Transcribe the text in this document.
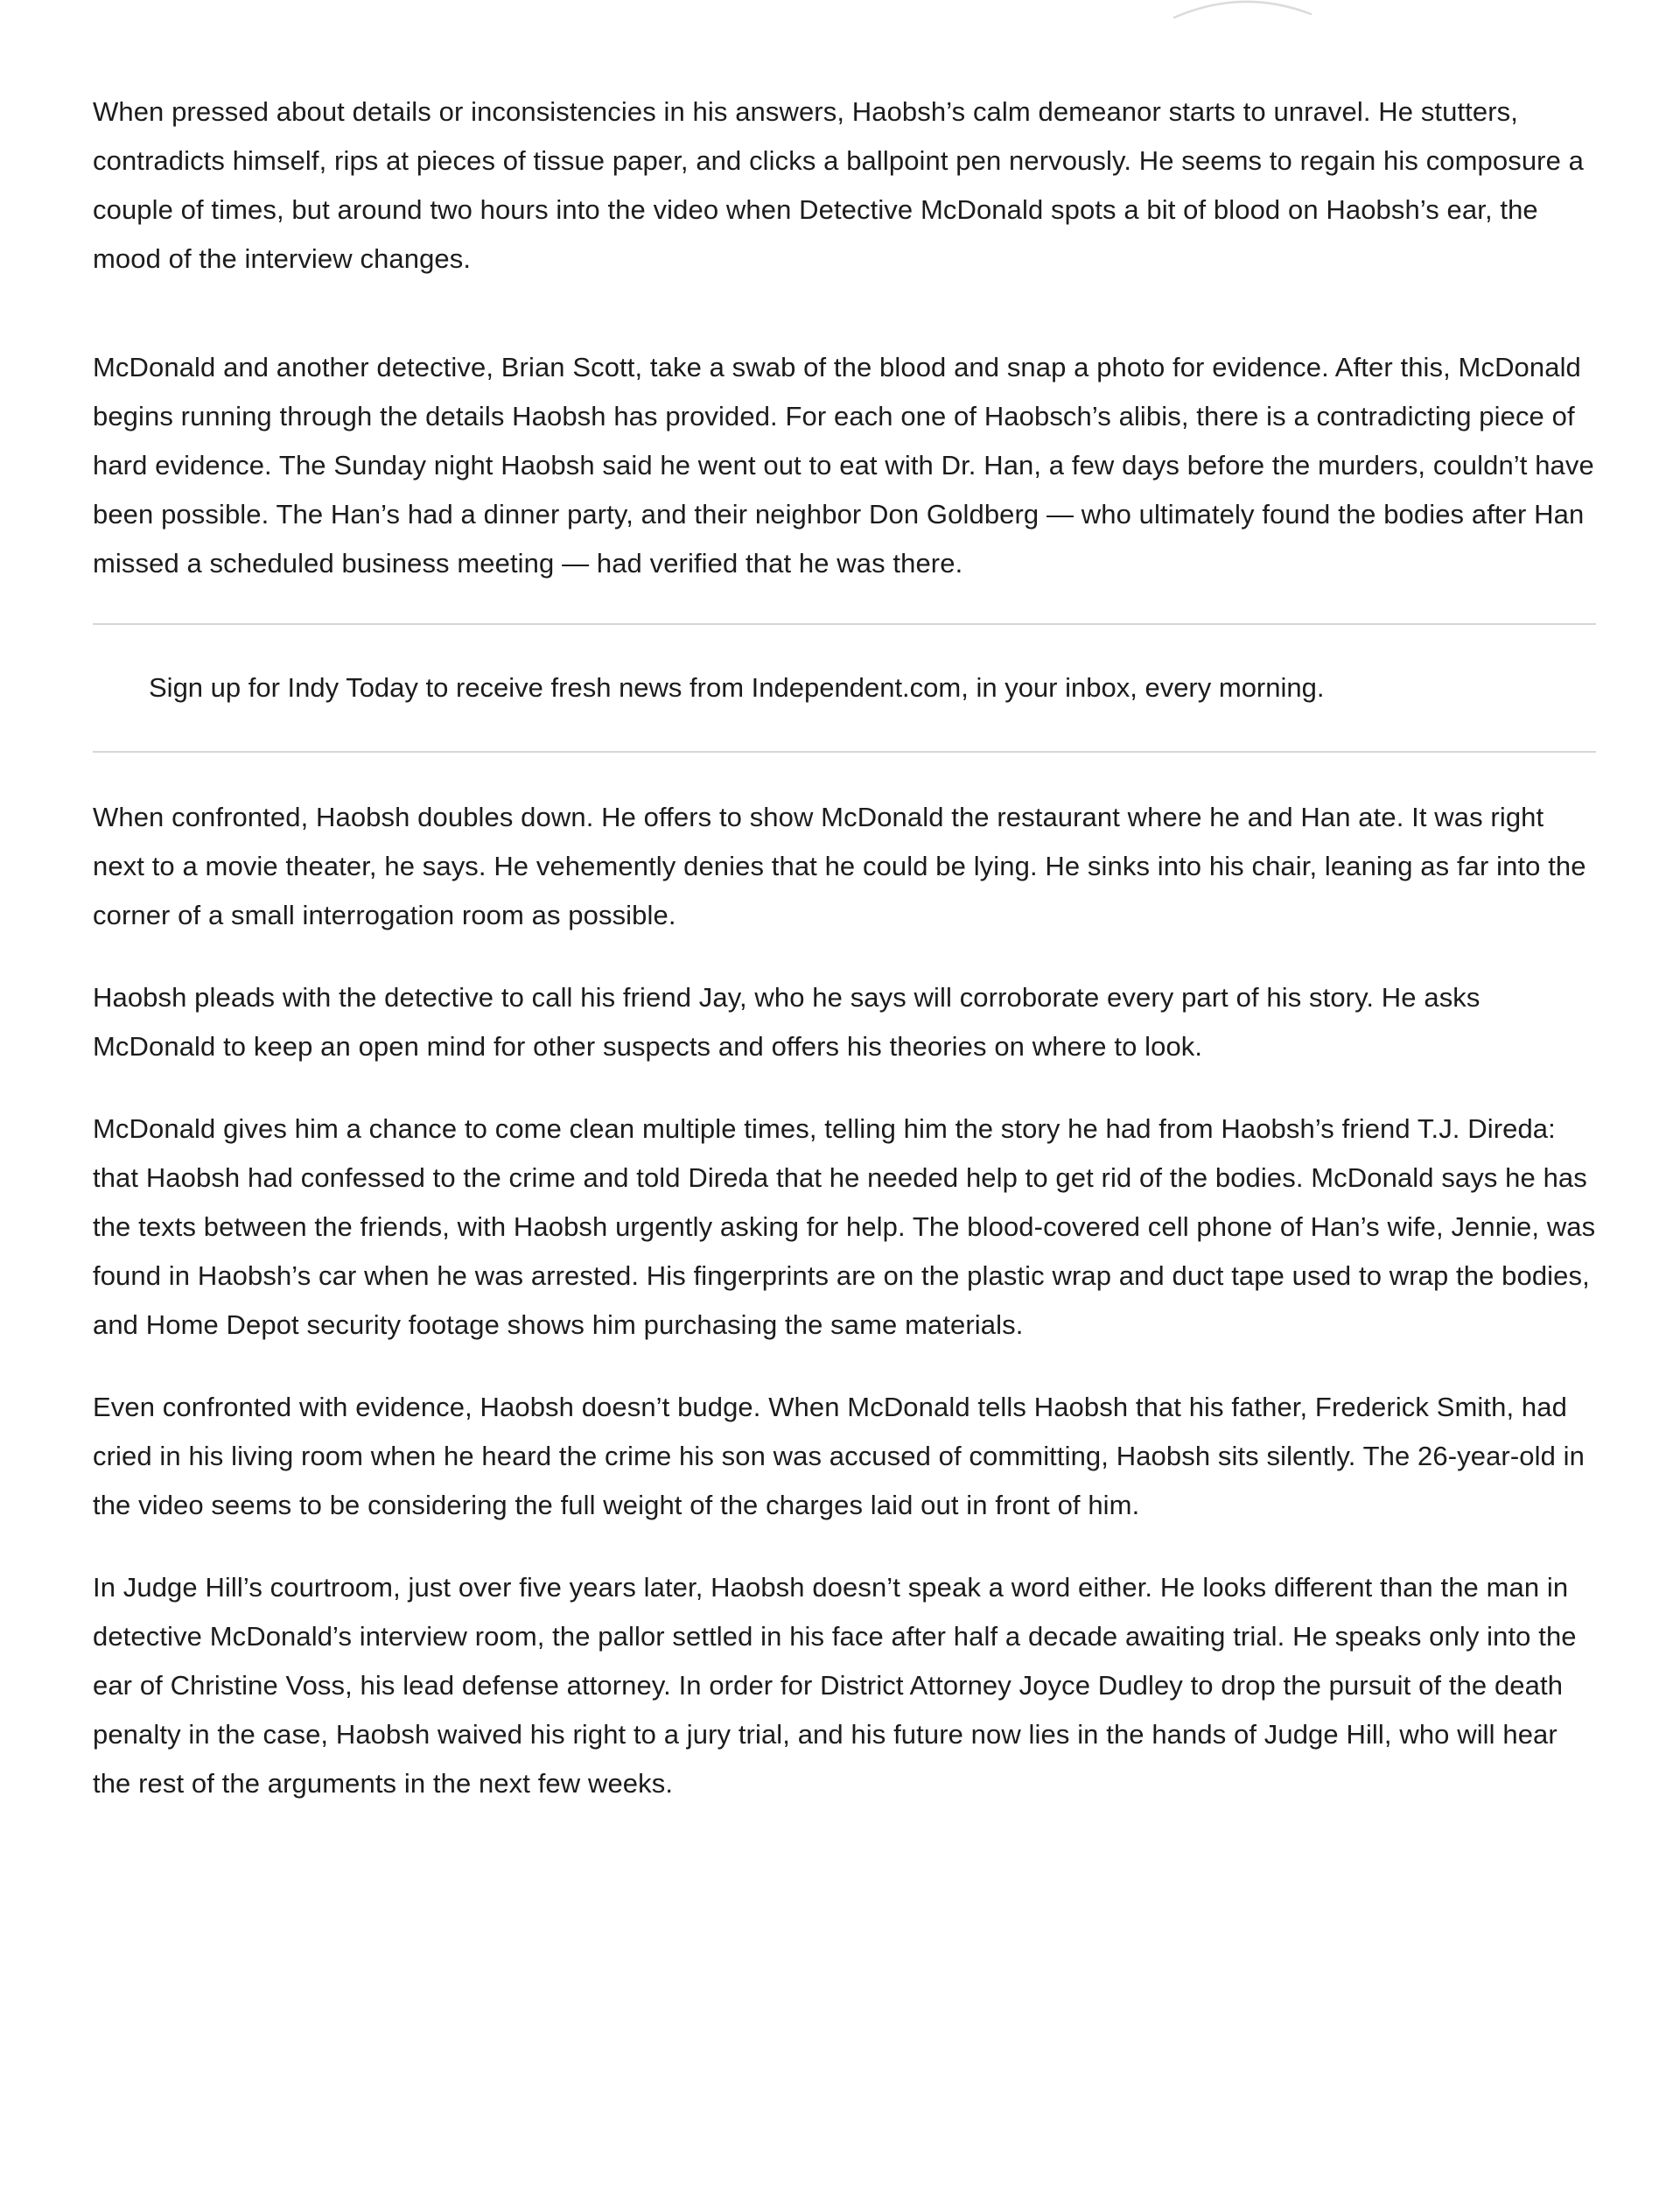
When pressed about details or inconsistencies in his answers, Haobsh’s calm demeanor starts to unravel. He stutters, contradicts himself, rips at pieces of tissue paper, and clicks a ballpoint pen nervously. He seems to regain his composure a couple of times, but around two hours into the video when Detective McDonald spots a bit of blood on Haobsh’s ear, the mood of the interview changes.

McDonald and another detective, Brian Scott, take a swab of the blood and snap a photo for evidence. After this, McDonald begins running through the details Haobsh has provided. For each one of Haobsch’s alibis, there is a contradicting piece of hard evidence. The Sunday night Haobsh said he went out to eat with Dr. Han, a few days before the murders, couldn’t have been possible. The Han’s had a dinner party, and their neighbor Don Goldberg — who ultimately found the bodies after Han missed a scheduled business meeting — had verified that he was there.

Sign up for Indy Today to receive fresh news from Independent.com, in your inbox, every morning.

When confronted, Haobsh doubles down. He offers to show McDonald the restaurant where he and Han ate. It was right next to a movie theater, he says. He vehemently denies that he could be lying. He sinks into his chair, leaning as far into the corner of a small interrogation room as possible.

Haobsh pleads with the detective to call his friend Jay, who he says will corroborate every part of his story. He asks McDonald to keep an open mind for other suspects and offers his theories on where to look.

McDonald gives him a chance to come clean multiple times, telling him the story he had from Haobsh’s friend T.J. Direda: that Haobsh had confessed to the crime and told Direda that he needed help to get rid of the bodies. McDonald says he has the texts between the friends, with Haobsh urgently asking for help. The blood-covered cell phone of Han’s wife, Jennie, was found in Haobsh’s car when he was arrested. His fingerprints are on the plastic wrap and duct tape used to wrap the bodies, and Home Depot security footage shows him purchasing the same materials.

Even confronted with evidence, Haobsh doesn’t budge. When McDonald tells Haobsh that his father, Frederick Smith, had cried in his living room when he heard the crime his son was accused of committing, Haobsh sits silently. The 26-year-old in the video seems to be considering the full weight of the charges laid out in front of him.

In Judge Hill’s courtroom, just over five years later, Haobsh doesn’t speak a word either. He looks different than the man in detective McDonald’s interview room, the pallor settled in his face after half a decade awaiting trial. He speaks only into the ear of Christine Voss, his lead defense attorney. In order for District Attorney Joyce Dudley to drop the pursuit of the death penalty in the case, Haobsh waived his right to a jury trial, and his future now lies in the hands of Judge Hill, who will hear the rest of the arguments in the next few weeks.
